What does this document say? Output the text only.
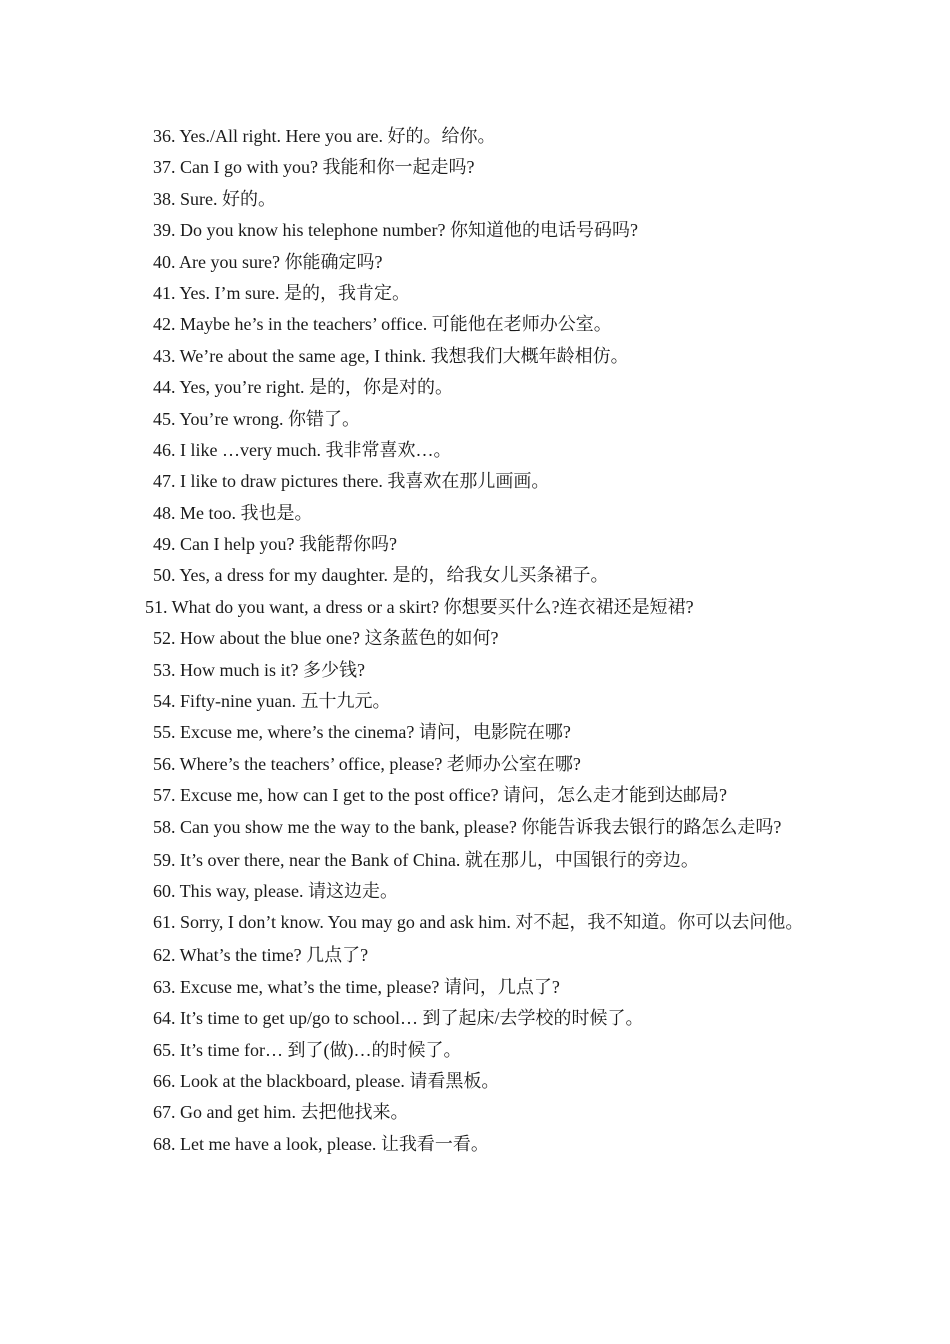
36. Yes./All right. Here you are. 好的。给你。
37. Can I go with you? 我能和你一起走吗?
38. Sure. 好的。
39. Do you know his telephone number? 你知道他的电话号码吗?
40. Are you sure? 你能确定吗?
41. Yes. I’m sure. 是的，我肯定。
42. Maybe he’s in the teachers’ office. 可能他在老师办公室。
43. We’re about the same age, I think. 我想我们大概年龄相仿。
44. Yes, you’re right. 是的，你是对的。
45. You’re wrong. 你错了。
46. I like …very much. 我非常喜欢…。
47. I like to draw pictures there. 我喜欢在那儿画画。
48. Me too. 我也是。
49. Can I help you? 我能帮你吗?
50. Yes, a dress for my daughter. 是的，给我女儿买条裙子。
51. What do you want, a dress or a skirt? 你想要买什么?连衣裙还是短裙?
52. How about the blue one? 这条蓝色的如何?
53. How much is it? 多少钱?
54. Fifty-nine yuan. 五十九元。
55. Excuse me, where’s the cinema? 请问，电影院在哪?
56. Where’s the teachers’ office, please? 老师办公室在哪?
57. Excuse me, how can I get to the post office? 请问，怎么走才能到达邮局?
58. Can you show me the way to the bank, please? 你能告诉我去银行的路怎么走吗?
59. It’s over there, near the Bank of China. 就在那儿，中国银行的旁边。
60. This way, please. 请这边走。
61. Sorry, I don’t know. You may go and ask him. 对不起，我不知道。你可以去问他。
62. What’s the time? 几点了?
63. Excuse me, what’s the time, please? 请问，几点了?
64. It’s time to get up/go to school… 到了起床/去学校的时候了。
65. It’s time for… 到了(做)…的时候了。
66. Look at the blackboard, please. 请看黑板。
67. Go and get him. 去把他找来。
68. Let me have a look, please. 让我看一看。
